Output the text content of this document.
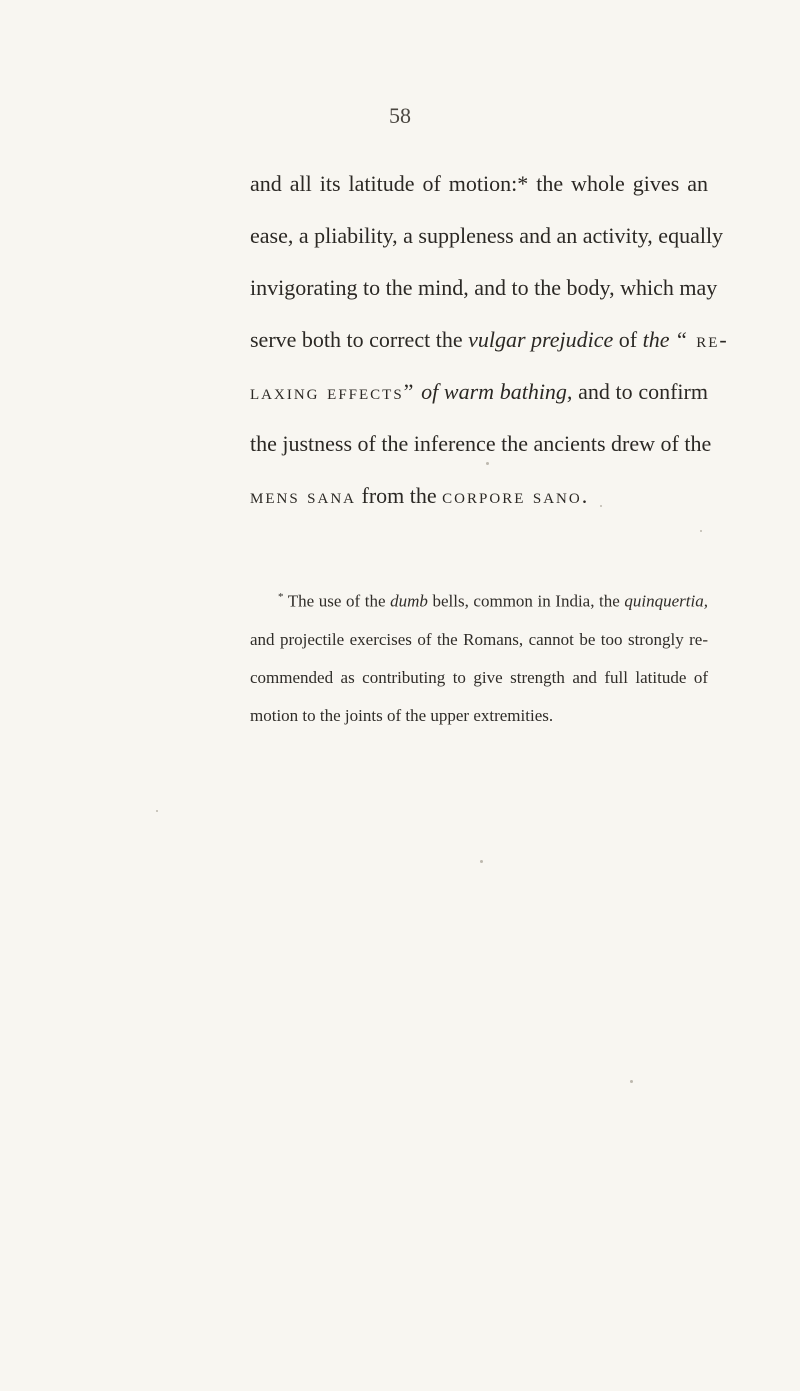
58
and all its latitude of motion:* the whole gives an
ease, a pliability, a suppleness and an activity, equally
invigorating to the mind, and to the body, which may
serve both to correct the vulgar prejudice of the “ re-
laxing effects” of warm bathing, and to confirm
the justness of the inference the ancients drew of the
mens sana from the corpore sano.
* The use of the dumb bells, common in India, the quinquertia,
and projectile exercises of the Romans, cannot be too strongly re-
commended as contributing to give strength and full latitude of
motion to the joints of the upper extremities.
